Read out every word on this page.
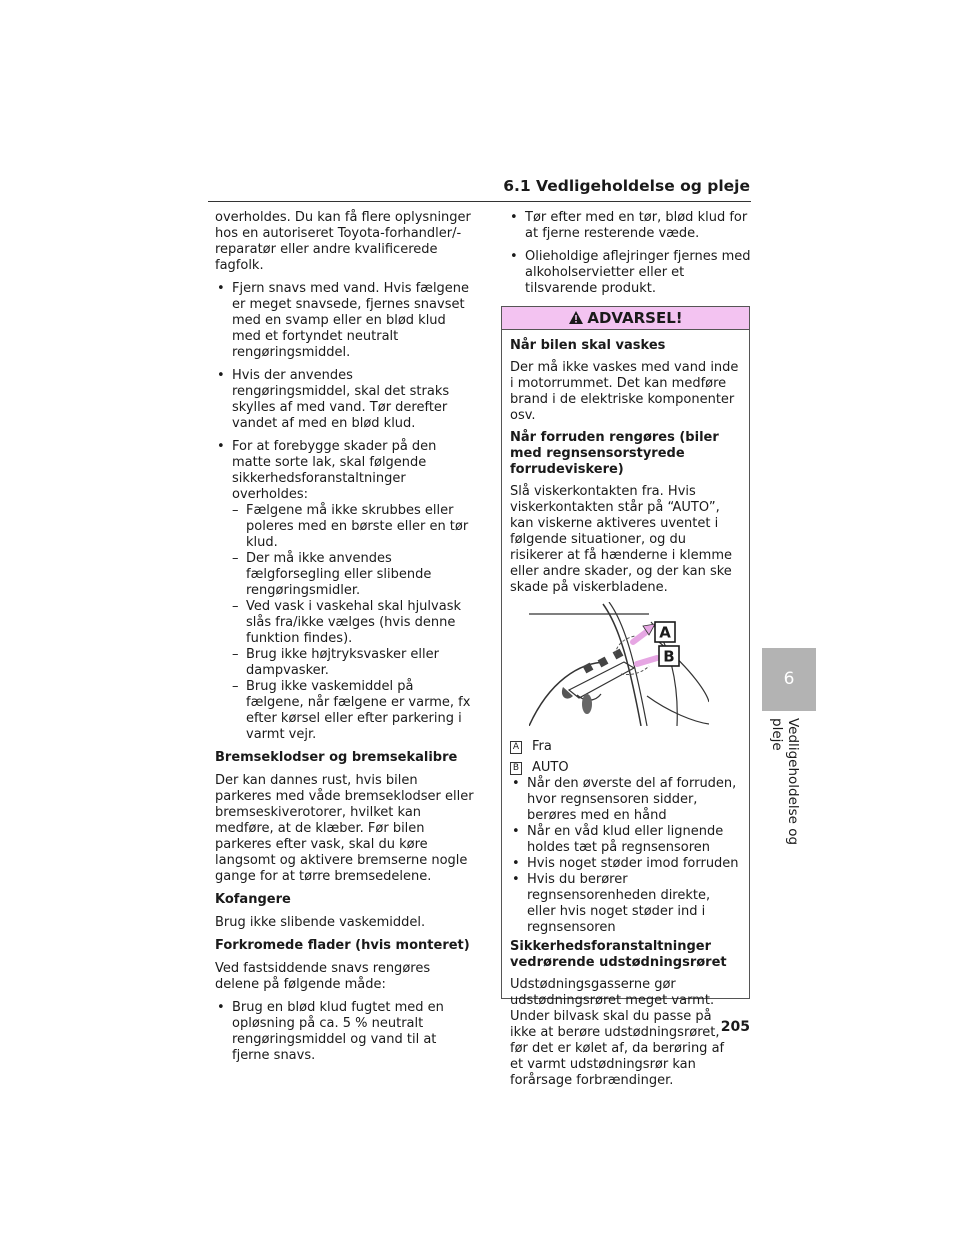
6.1 Vedligeholdelse og pleje

overholdes. Du kan få flere oplysninger hos en autoriseret Toyota-forhandler/-reparatør eller andre kvalificerede fagfolk.

• Fjern snavs med vand. Hvis fælgene er meget snavsede, fjernes snavset med en svamp eller en blød klud med et fortyndet neutralt rengøringsmiddel.
• Hvis der anvendes rengøringsmiddel, skal det straks skylles af med vand. Tør derefter vandet af med en blød klud.
• For at forebygge skader på den matte sorte lak, skal følgende sikkerhedsforanstaltninger overholdes:
– Fælgene må ikke skrubbes eller poleres med en børste eller en tør klud.
– Der må ikke anvendes fælgforsegling eller slibende rengøringsmidler.
– Ved vask i vaskehal skal hjulvask slås fra/ikke vælges (hvis denne funktion findes).
– Brug ikke højtryksvasker eller dampvasker.
– Brug ikke vaskemiddel på fælgene, når fælgene er varme, fx efter kørsel eller efter parkering i varmt vejr.

Bremseklodser og bremsekalibre

Der kan dannes rust, hvis bilen parkeres med våde bremseklodser eller bremseskiverotorer, hvilket kan medføre, at de klæber. Før bilen parkeres efter vask, skal du køre langsomt og aktivere bremserne nogle gange for at tørre bremsedelene.

Kofangere

Brug ikke slibende vaskemiddel.

Forkromede flader (hvis monteret)

Ved fastsiddende snavs rengøres delene på følgende måde:

• Brug en blød klud fugtet med en opløsning på ca. 5 % neutralt rengøringsmiddel og vand til at fjerne snavs.
• Tør efter med en tør, blød klud for at fjerne resterende væde.
• Olieholdige aflejringer fjernes med alkoholservietter eller et tilsvarende produkt.
ADVARSEL!

Når bilen skal vaskes

Der må ikke vaskes med vand inde i motorrummet. Det kan medføre brand i de elektriske komponenter osv.

Når forruden rengøres (biler med regnsensorstyrede forrudeviskere)

Slå viskerkontakten fra. Hvis viskerkontakten står på “AUTO”, kan viskerne aktiveres uventet i følgende situationer, og du risikerer at få hænderne i klemme eller andre skader, og der kan ske skade på viskerbladene.

A
B
A Fra
B AUTO
• Når den øverste del af forruden, hvor regnsensoren sidder, berøres med en hånd
• Når en våd klud eller lignende holdes tæt på regnsensoren
• Hvis noget støder imod forruden
• Hvis du berører regnsensorenheden direkte, eller hvis noget støder ind i regnsensoren

Sikkerhedsforanstaltninger vedrørende udstødningsrøret

Udstødningsgasserne gør udstødningsrøret meget varmt. Under bilvask skal du passe på ikke at berøre udstødningsrøret, før det er kølet af, da berøring af et varmt udstødningsrør kan forårsage forbrændinger.

6
Vedligeholdelse og pleje
205
